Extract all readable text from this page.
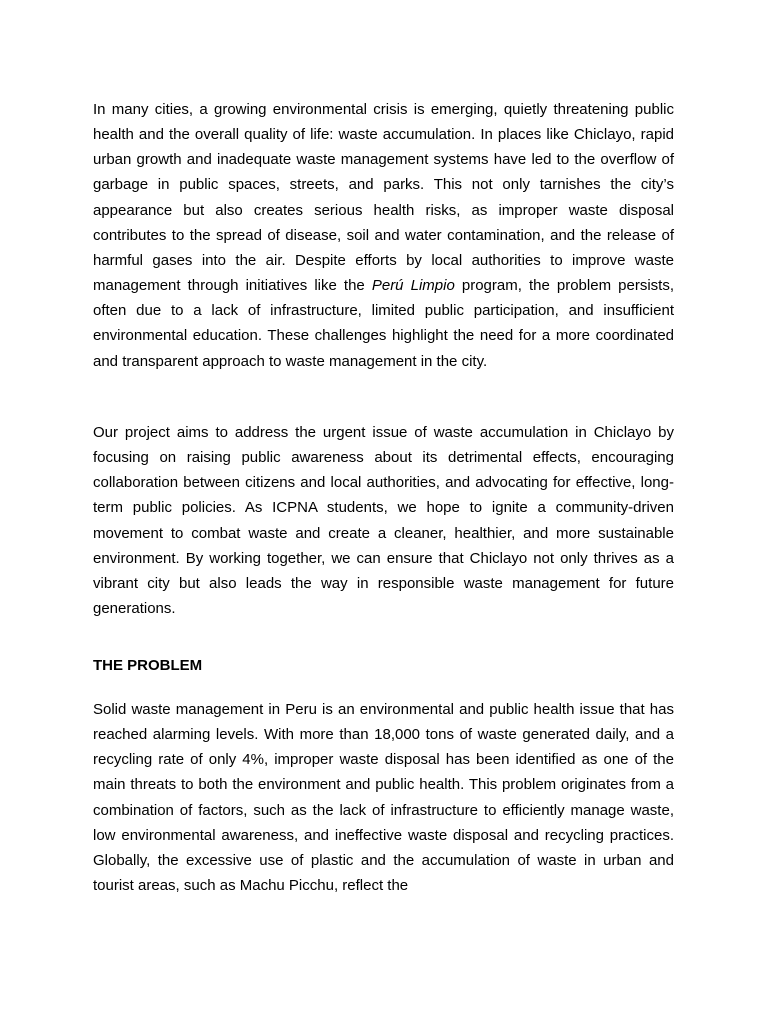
In many cities, a growing environmental crisis is emerging, quietly threatening public health and the overall quality of life: waste accumulation. In places like Chiclayo, rapid urban growth and inadequate waste management systems have led to the overflow of garbage in public spaces, streets, and parks. This not only tarnishes the city’s appearance but also creates serious health risks, as improper waste disposal contributes to the spread of disease, soil and water contamination, and the release of harmful gases into the air. Despite efforts by local authorities to improve waste management through initiatives like the Perú Limpio program, the problem persists, often due to a lack of infrastructure, limited public participation, and insufficient environmental education. These challenges highlight the need for a more coordinated and transparent approach to waste management in the city.

Our project aims to address the urgent issue of waste accumulation in Chiclayo by focusing on raising public awareness about its detrimental effects, encouraging collaboration between citizens and local authorities, and advocating for effective, long-term public policies. As ICPNA students, we hope to ignite a community-driven movement to combat waste and create a cleaner, healthier, and more sustainable environment. By working together, we can ensure that Chiclayo not only thrives as a vibrant city but also leads the way in responsible waste management for future generations.

THE PROBLEM

Solid waste management in Peru is an environmental and public health issue that has reached alarming levels. With more than 18,000 tons of waste generated daily, and a recycling rate of only 4%, improper waste disposal has been identified as one of the main threats to both the environment and public health. This problem originates from a combination of factors, such as the lack of infrastructure to efficiently manage waste, low environmental awareness, and ineffective waste disposal and recycling practices. Globally, the excessive use of plastic and the accumulation of waste in urban and tourist areas, such as Machu Picchu, reflect the
